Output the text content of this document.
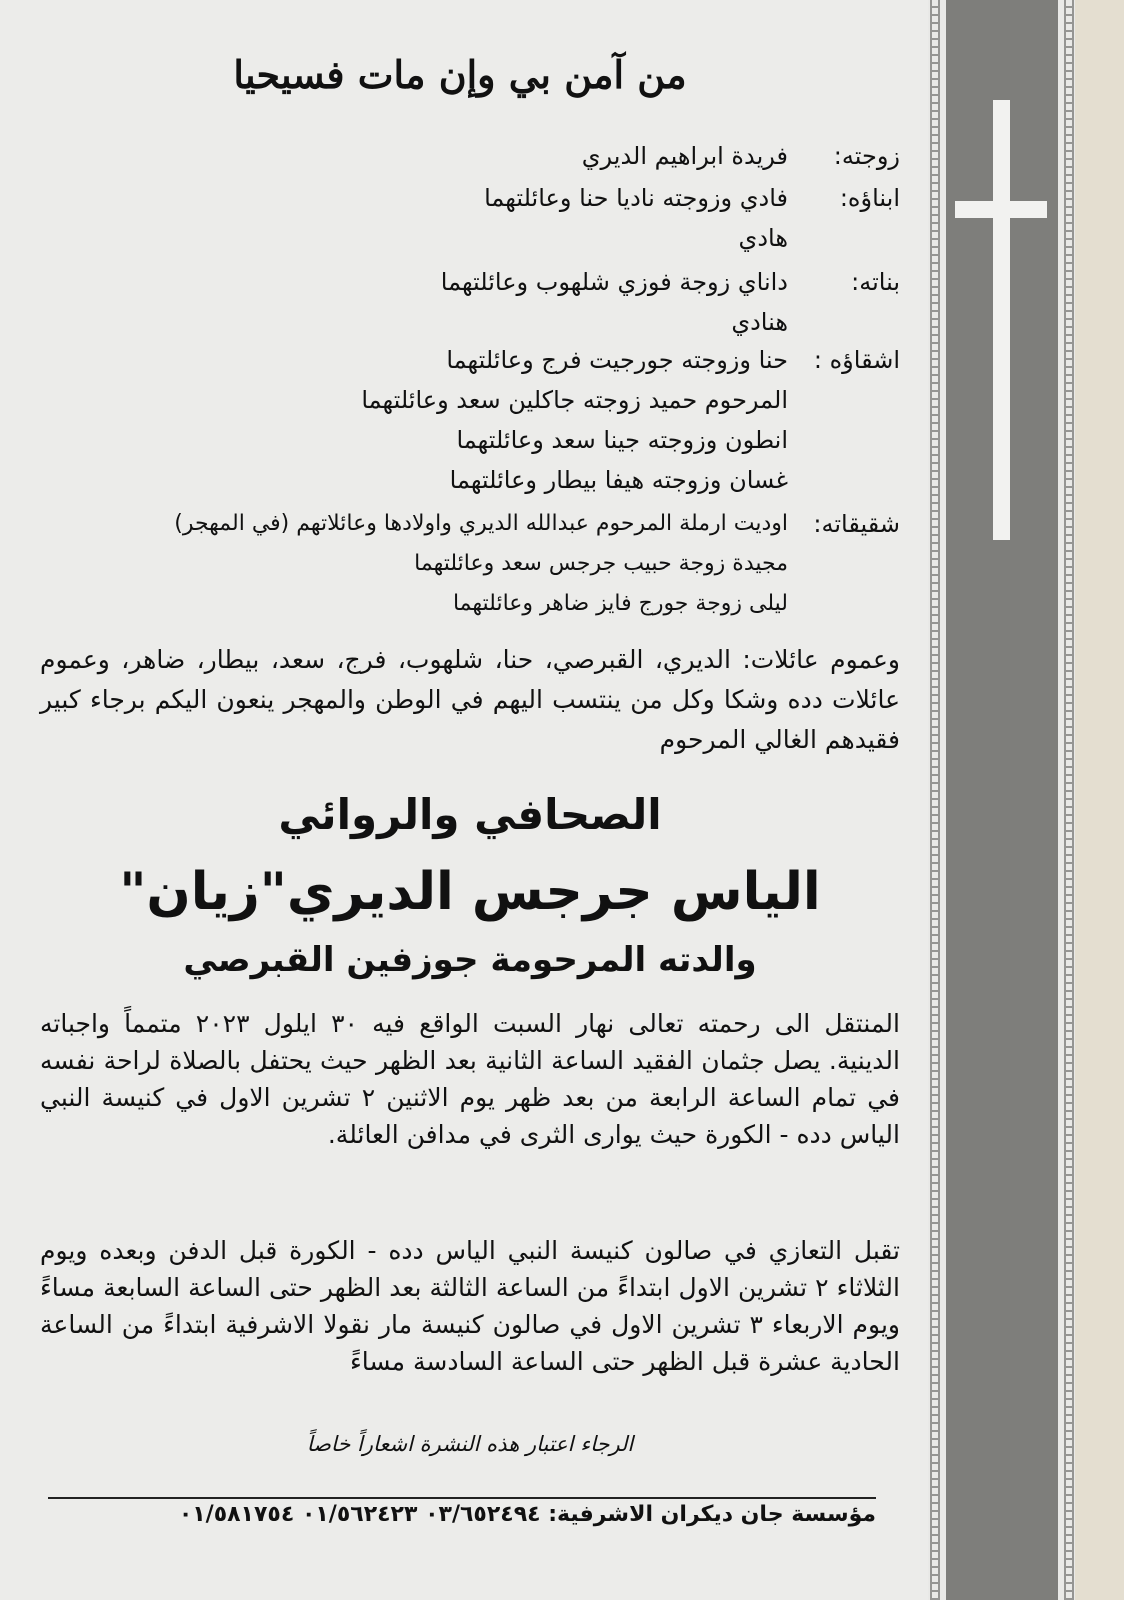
من آمن بي وإن مات فسيحيا
زوجته:
فريدة ابراهيم الديري
ابناؤه:
فادي وزوجته ناديا حنا وعائلتهما
هادي
بناته:
داناي زوجة فوزي شلهوب وعائلتهما
هنادي
اشقاؤه :
حنا وزوجته جورجيت فرج وعائلتهما
المرحوم حميد زوجته جاكلين سعد وعائلتهما
انطون وزوجته جينا سعد وعائلتهما
غسان وزوجته هيفا بيطار وعائلتهما
شقيقاته:
اوديت ارملة المرحوم عبدالله الديري واولادها وعائلاتهم (في المهجر)
مجيدة زوجة حبيب جرجس سعد وعائلتهما
ليلى زوجة جورج فايز ضاهر وعائلتهما
وعموم عائلات: الديري، القبرصي، حنا، شلهوب، فرج، سعد، بيطار، ضاهر، وعموم عائلات دده وشكا وكل من ينتسب اليهم في الوطن والمهجر ينعون اليكم برجاء كبير فقيدهم الغالي المرحوم
الصحافي والروائي
الياس جرجس الديري"زيان"
والدته المرحومة جوزفين القبرصي
المنتقل الى رحمته تعالى نهار السبت الواقع فيه ٣٠ ايلول ٢٠٢٣ متمماً واجباته الدينية. يصل جثمان الفقيد الساعة الثانية بعد الظهر حيث يحتفل بالصلاة لراحة نفسه في تمام الساعة الرابعة من بعد ظهر يوم الاثنين ٢ تشرين الاول في كنيسة النبي الياس دده - الكورة حيث يوارى الثرى في مدافن العائلة.
تقبل التعازي في صالون كنيسة النبي الياس دده - الكورة قبل الدفن وبعده ويوم الثلاثاء ٢ تشرين الاول ابتداءً من الساعة الثالثة بعد الظهر حتى الساعة السابعة مساءً ويوم الاربعاء ٣ تشرين الاول في صالون كنيسة مار نقولا الاشرفية ابتداءً من الساعة الحادية عشرة قبل الظهر حتى الساعة السادسة مساءً
الرجاء اعتبار هذه النشرة اشعاراً خاصاً
مؤسسة جان ديكران الاشرفية: ٠٣/٦٥٢٤٩٤ ٠١/٥٦٢٤٢٣ ٠١/٥٨١٧٥٤
